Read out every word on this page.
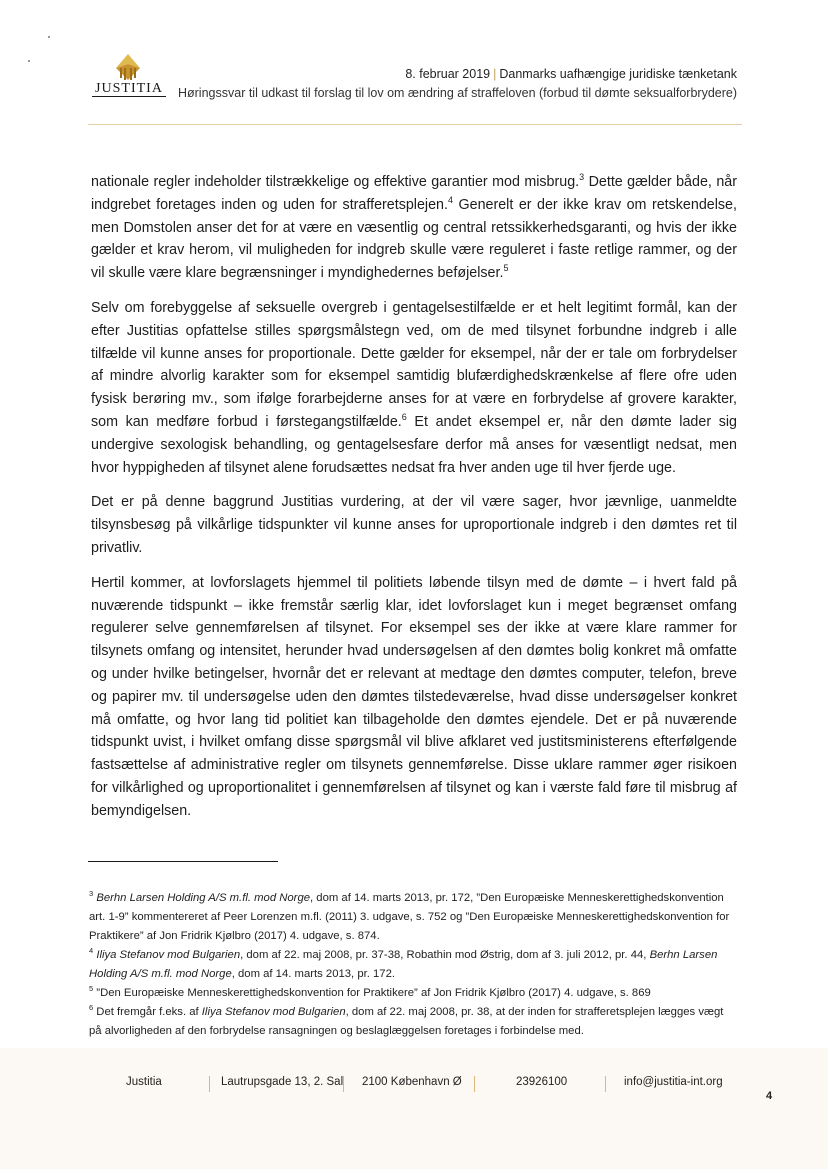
JUSTITIA
8. februar 2019 | Danmarks uafhængige juridiske tænketank
Høringssvar til udkast til forslag til lov om ændring af straffeloven (forbud til dømte seksualforbrydere)

nationale regler indeholder tilstrækkelige og effektive garantier mod misbrug.$^3$ Dette gælder både, når indgrebet foretages inden og uden for strafferetsplejen.$^4$ Generelt er der ikke krav om retskendelse, men Domstolen anser det for at være en væsentlig og central retssikkerhedsgaranti, og hvis der ikke gælder et krav herom, vil muligheden for indgreb skulle være reguleret i faste retlige rammer, og der vil skulle være klare begrænsninger i myndighedernes beføjelser.$^5$

Selv om forebyggelse af seksuelle overgreb i gentagelsestilfælde er et helt legitimt formål, kan der efter Justitias opfattelse stilles spørgsmålstegn ved, om de med tilsynet forbundne indgreb i alle tilfælde vil kunne anses for proportionale. Dette gælder for eksempel, når der er tale om forbrydelser af mindre alvorlig karakter som for eksempel samtidig blufærdighedskrænkelse af flere ofre uden fysisk berøring mv., som ifølge forarbejderne anses for at være en forbrydelse af grovere karakter, som kan medføre forbud i førstegangstilfælde.$^6$ Et andet eksempel er, når den dømte lader sig undergive sexologisk behandling, og gentagelsesfare derfor må anses for væsentligt nedsat, men hvor hyppigheden af tilsynet alene forudsættes nedsat fra hver anden uge til hver fjerde uge.

Det er på denne baggrund Justitias vurdering, at der vil være sager, hvor jævnlige, uanmeldte tilsynsbesøg på vilkårlige tidspunkter vil kunne anses for uproportionale indgreb i den dømtes ret til privatliv.

Hertil kommer, at lovforslagets hjemmel til politiets løbende tilsyn med de dømte – i hvert fald på nuværende tidspunkt – ikke fremstår særlig klar, idet lovforslaget kun i meget begrænset omfang regulerer selve gennemførelsen af tilsynet. For eksempel ses der ikke at være klare rammer for tilsynets omfang og intensitet, herunder hvad undersøgelsen af den dømtes bolig konkret må omfatte og under hvilke betingelser, hvornår det er relevant at medtage den dømtes computer, telefon, breve og papirer mv. til undersøgelse uden den dømtes tilstedeværelse, hvad disse undersøgelser konkret må omfatte, og hvor lang tid politiet kan tilbageholde den dømtes ejendele. Det er på nuværende tidspunkt uvist, i hvilket omfang disse spørgsmål vil blive afklaret ved justitsministerens efterfølgende fastsættelse af administrative regler om tilsynets gennemførelse. Disse uklare rammer øger risikoen for vilkårlighed og uproportionalitet i gennemførelsen af tilsynet og kan i værste fald føre til misbrug af bemyndigelsen.

$^3$ Berhn Larsen Holding A/S m.fl. mod Norge, dom af 14. marts 2013, pr. 172, ”Den Europæiske Menneskerettighedskonvention art. 1-9” kommentereret af Peer Lorenzen m.fl. (2011) 3. udgave, s. 752 og ”Den Europæiske Menneskerettighedskonvention for Praktikere” af Jon Fridrik Kjølbro (2017) 4. udgave, s. 874.

$^4$ Iliya Stefanov mod Bulgarien, dom af 22. maj 2008, pr. 37-38, Robathin mod Østrig, dom af 3. juli 2012, pr. 44, Berhn Larsen Holding A/S m.fl. mod Norge, dom af 14. marts 2013, pr. 172.

$^5$ ”Den Europæiske Menneskerettighedskonvention for Praktikere” af Jon Fridrik Kjølbro (2017) 4. udgave, s. 869

$^6$ Det fremgår f.eks. af Iliya Stefanov mod Bulgarien, dom af 22. maj 2008, pr. 38, at der inden for strafferetsplejen lægges vægt på alvorligheden af den forbrydelse ransagningen og beslaglæggelsen foretages i forbindelse med.

Justitia	Lautrupsgade 13, 2. Sal 2100 København Ø	23926100	info@justitia-int.org
4
